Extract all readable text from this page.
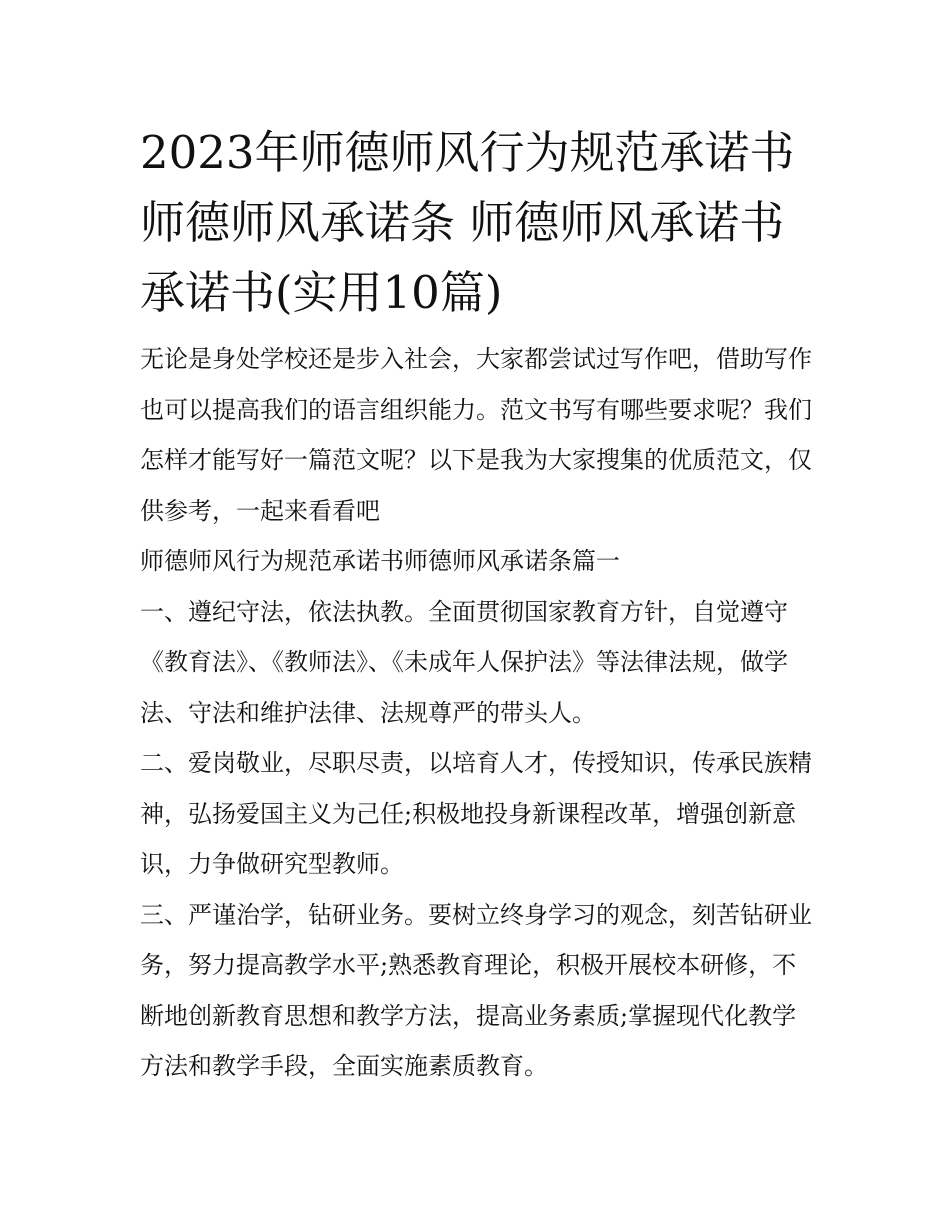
2023年师德师风行为规范承诺书师德师风承诺条 师德师风承诺书承诺书(实用10篇)

无论是身处学校还是步入社会，大家都尝试过写作吧，借助写作也可以提高我们的语言组织能力。范文书写有哪些要求呢？我们怎样才能写好一篇范文呢？以下是我为大家搜集的优质范文，仅供参考，一起来看看吧

师德师风行为规范承诺书师德师风承诺条篇一

一、遵纪守法，依法执教。全面贯彻国家教育方针，自觉遵守《教育法》、《教师法》、《未成年人保护法》等法律法规，做学法、守法和维护法律、法规尊严的带头人。

二、爱岗敬业，尽职尽责，以培育人才，传授知识，传承民族精神，弘扬爱国主义为己任;积极地投身新课程改革，增强创新意识，力争做研究型教师。

三、严谨治学，钻研业务。要树立终身学习的观念，刻苦钻研业务，努力提高教学水平;熟悉教育理论，积极开展校本研修，不断地创新教育思想和教学方法，提高业务素质;掌握现代化教学方法和教学手段，全面实施素质教育。
